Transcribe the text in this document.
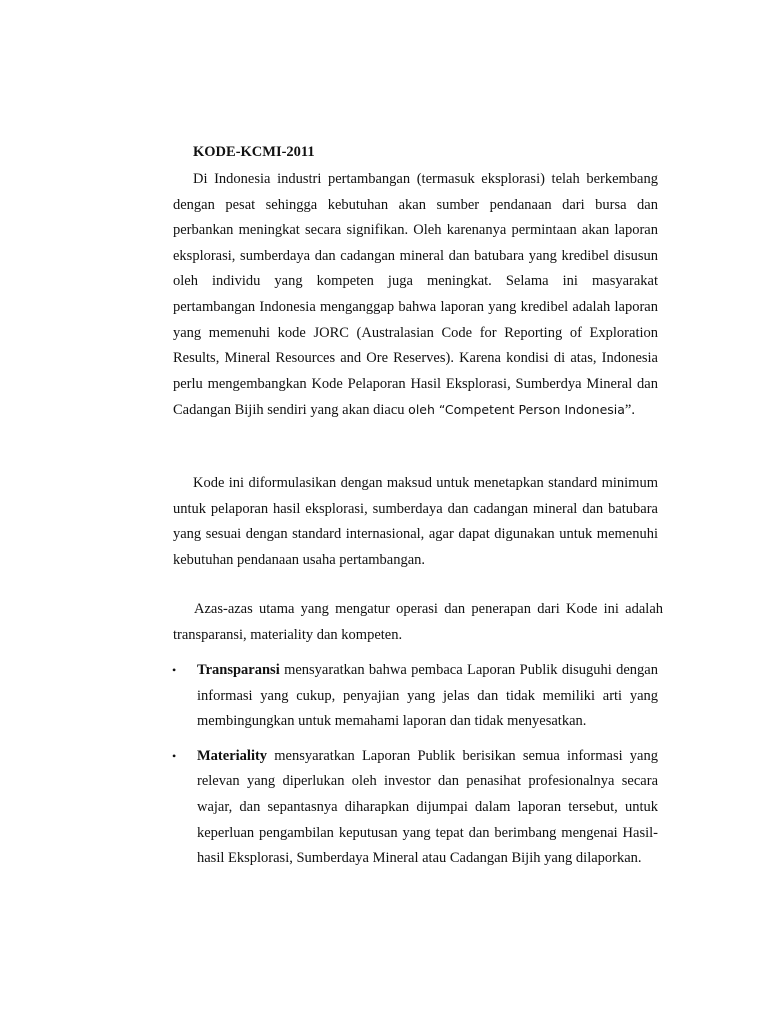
KODE-KCMI-2011

Di Indonesia industri pertambangan (termasuk eksplorasi) telah berkembang dengan pesat sehingga kebutuhan akan sumber pendanaan dari bursa dan perbankan meningkat secara signifikan. Oleh karenanya permintaan akan laporan eksplorasi, sumberdaya dan cadangan mineral dan batubara yang kredibel disusun oleh individu yang kompeten juga meningkat. Selama ini masyarakat pertambangan Indonesia menganggap bahwa laporan yang kredibel adalah laporan yang memenuhi kode JORC (Australasian Code for Reporting of Exploration Results, Mineral Resources and Ore Reserves). Karena kondisi di atas, Indonesia perlu mengembangkan Kode Pelaporan Hasil Eksplorasi, Sumberdya Mineral dan Cadangan Bijih sendiri yang akan diacu oleh “Competent Person Indonesia”.

Kode ini diformulasikan dengan maksud untuk menetapkan standard minimum untuk pelaporan hasil eksplorasi, sumberdaya dan cadangan mineral dan batubara yang sesuai dengan standard internasional, agar dapat digunakan untuk memenuhi kebutuhan pendanaan usaha pertambangan.

Azas-azas utama yang mengatur operasi dan penerapan dari Kode ini adalah transparansi, materiality dan kompeten.

• Transparansi mensyaratkan bahwa pembaca Laporan Publik disuguhi dengan informasi yang cukup, penyajian yang jelas dan tidak memiliki arti yang membingungkan untuk memahami laporan dan tidak menyesatkan.
• Materiality mensyaratkan Laporan Publik berisikan semua informasi yang relevan yang diperlukan oleh investor dan penasihat profesionalnya secara wajar, dan sepantasnya diharapkan dijumpai dalam laporan tersebut, untuk keperluan pengambilan keputusan yang tepat dan berimbang mengenai Hasil-hasil Eksplorasi, Sumberdaya Mineral atau Cadangan Bijih yang dilaporkan.
